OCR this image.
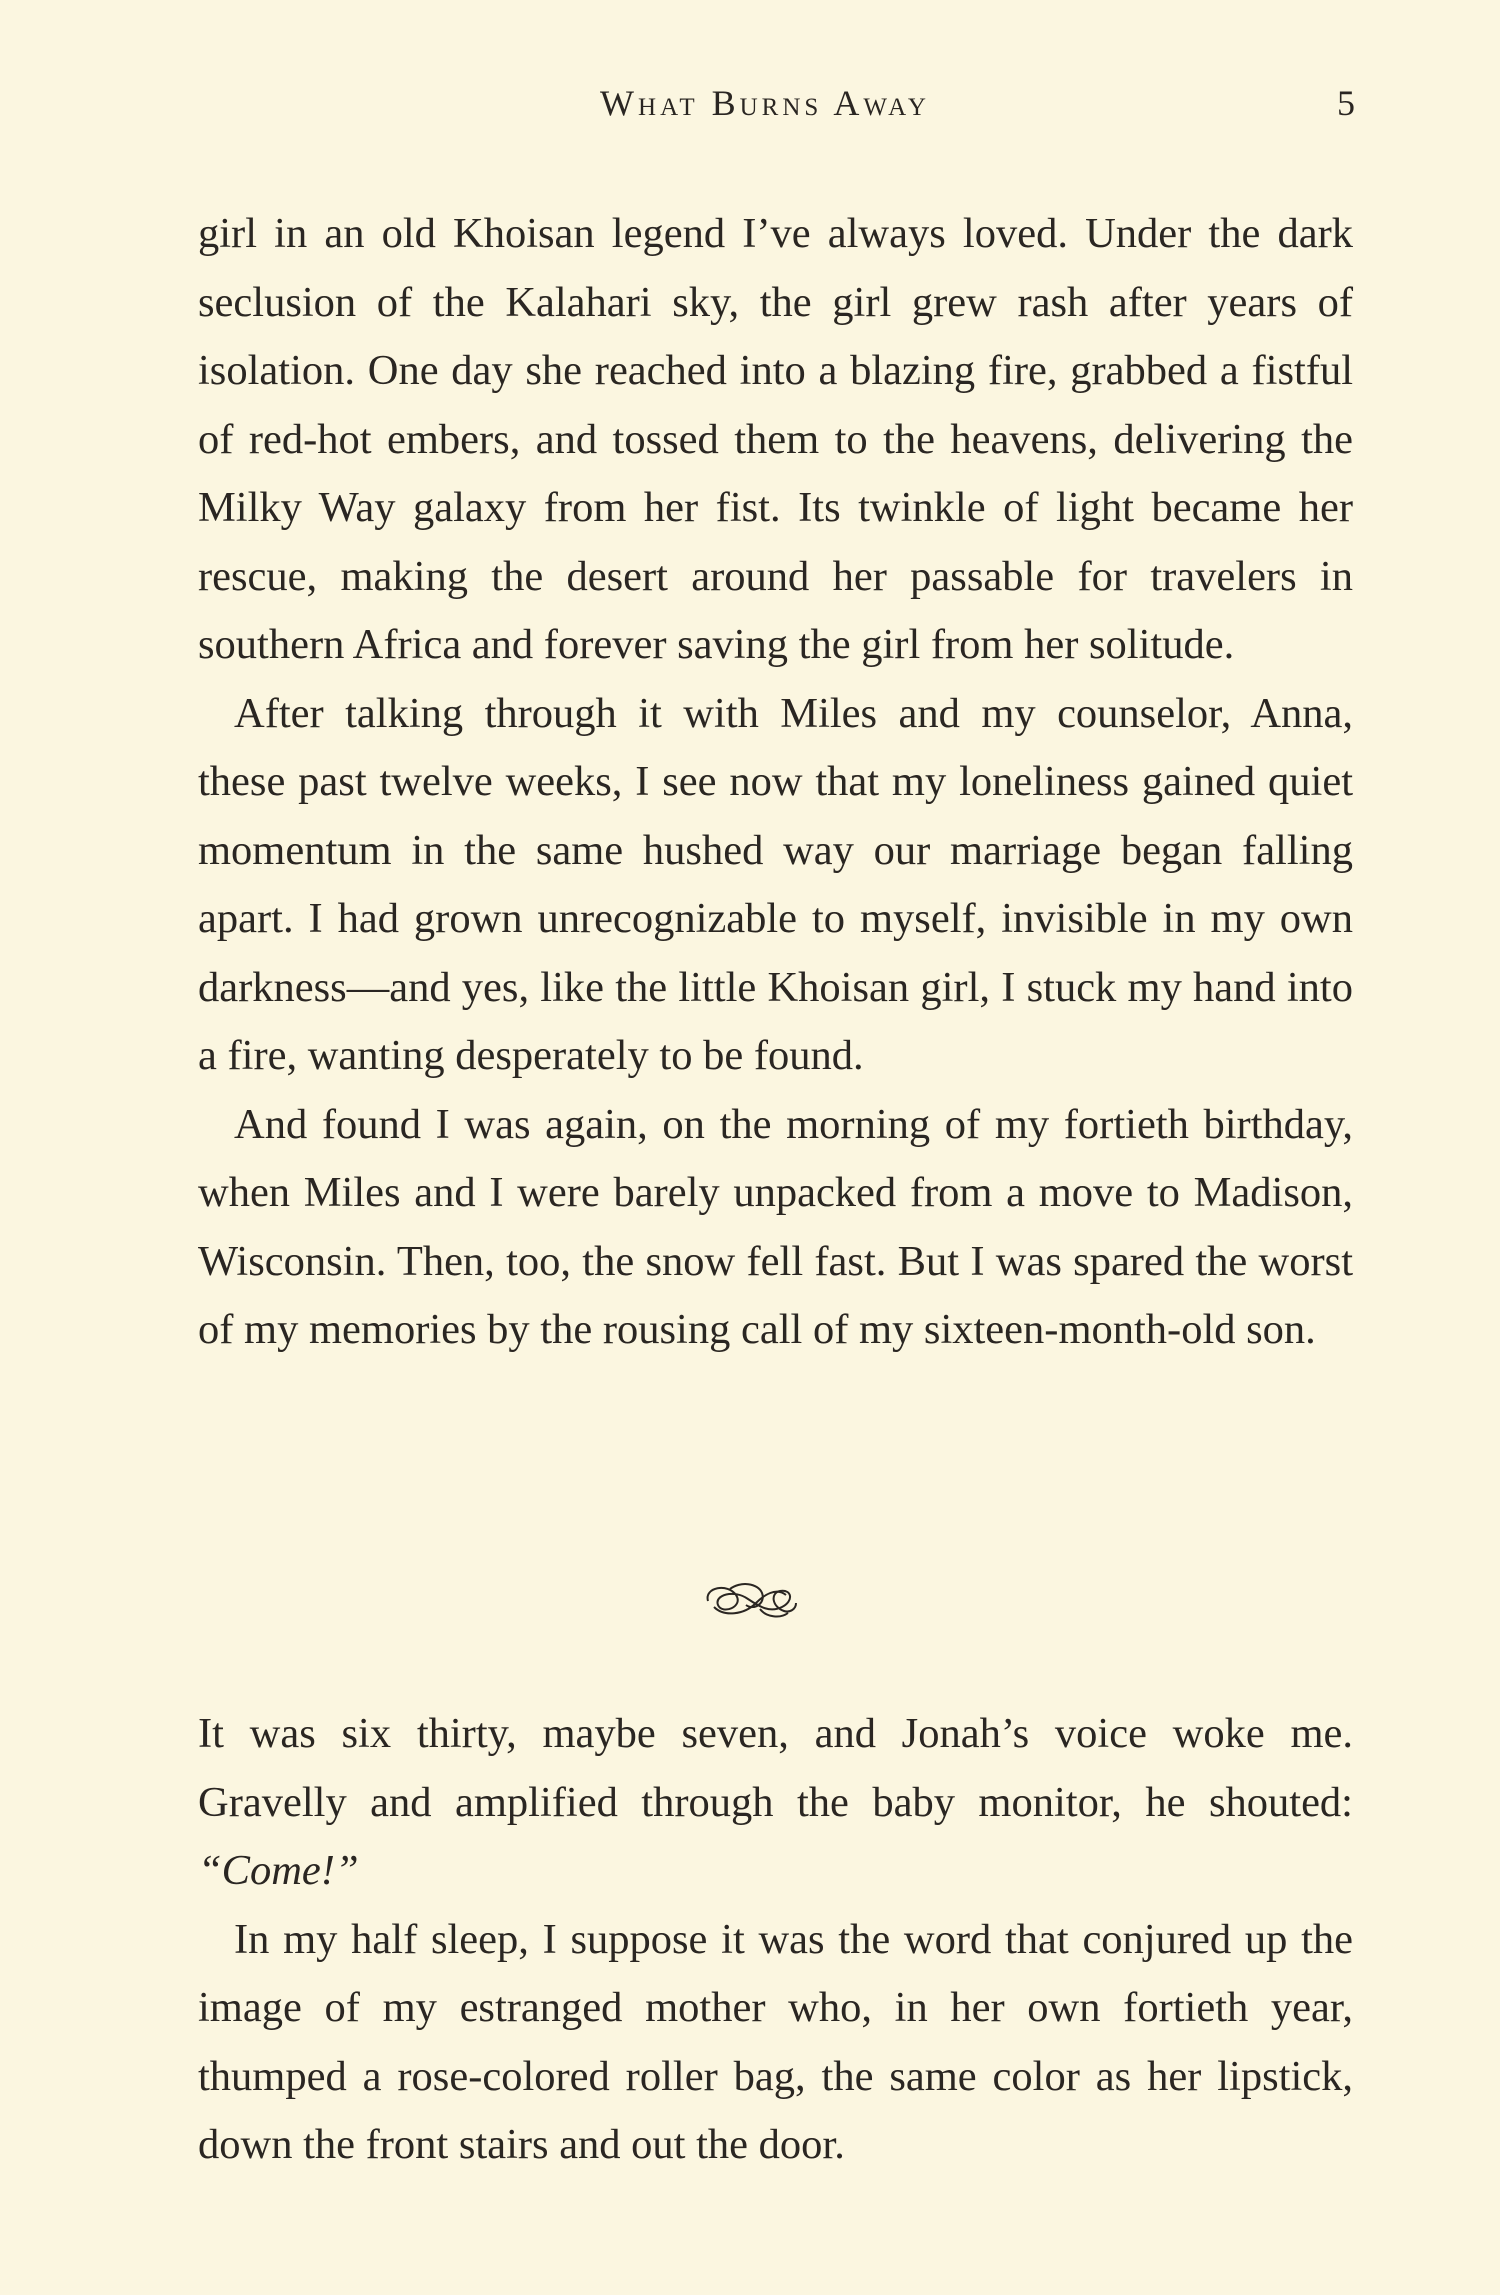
What Burns Away	5

girl in an old Khoisan legend I’ve always loved. Under the dark seclusion of the Kalahari sky, the girl grew rash after years of isolation. One day she reached into a blazing fire, grabbed a fistful of red-hot embers, and tossed them to the heavens, delivering the Milky Way galaxy from her fist. Its twinkle of light became her rescue, making the desert around her passable for travelers in southern Africa and forever saving the girl from her solitude.

After talking through it with Miles and my counselor, Anna, these past twelve weeks, I see now that my loneliness gained quiet momentum in the same hushed way our marriage began falling apart. I had grown unrecognizable to myself, invisible in my own darkness—and yes, like the little Khoisan girl, I stuck my hand into a fire, wanting desperately to be found.

And found I was again, on the morning of my fortieth birthday, when Miles and I were barely unpacked from a move to Madison, Wisconsin. Then, too, the snow fell fast. But I was spared the worst of my memories by the rousing call of my sixteen-month-old son.

It was six thirty, maybe seven, and Jonah’s voice woke me. Gravelly and amplified through the baby monitor, he shouted: “Come!”

In my half sleep, I suppose it was the word that conjured up the image of my estranged mother who, in her own fortieth year, thumped a rose-colored roller bag, the same color as her lipstick, down the front stairs and out the door.
